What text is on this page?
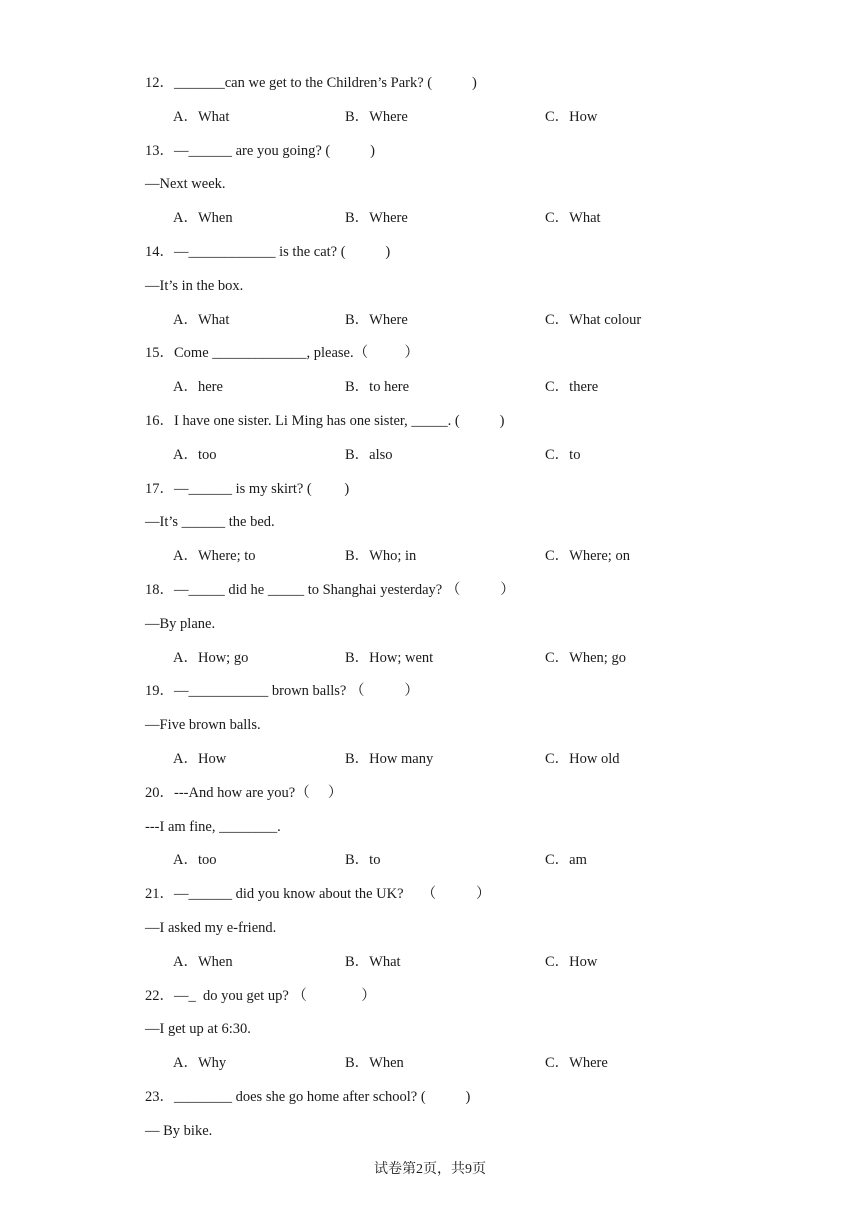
12．_______can we get to the Children’s Park? (           )
A．What	B．Where	C．How
13．—______ are you going? (           )
—Next week.
A．When	B．Where	C．What
14．—____________ is the cat? (           )
—It’s in the box.
A．What	B．Where	C．What colour
15．Come _____________, please.（          ）
A．here	B．to here	C．there
16．I have one sister. Li Ming has one sister, _____. (           )
A．too	B．also	C．to
17．—______ is my skirt? (         )
—It’s ______ the bed.
A．Where; to	B．Who; in	C．Where; on
18．—_____ did he _____ to Shanghai yesterday? （           ）
—By plane.
A．How; go	B．How; went	C．When; go
19．—___________ brown balls? （           ）
—Five brown balls.
A．How	B．How many	C．How old
20．---And how are you?（     ）
---I am fine, ________.
A．too	B．to	C．am
21．—______ did you know about the UK?     （           ）
—I asked my e-friend.
A．When	B．What	C．How
22．—_  do you get up? （               ）
—I get up at 6:30.
A．Why	B．When	C．Where
23．________ does she go home after school? (           )
— By bike.
试卷第2页，共9页
